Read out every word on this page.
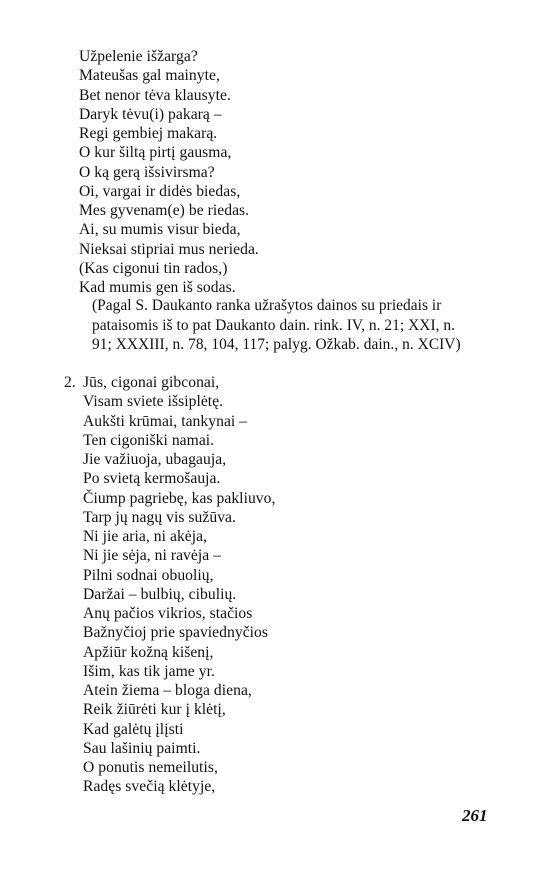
Užpelenie išžarga?
Mateušas gal mainyte,
Bet nenor tėva klausyte.
Daryk tėvu(i) pakarą –
Regi gembiej makarą.
O kur šiltą pirtį gausma,
O ką gerą išsivirsma?
Oi, vargai ir didės biedas,
Mes gyvenam(e) be riedas.
Ai, su mumis visur bieda,
Nieksai stipriai mus nerieda.
(Kas cigonui tin rados,)
Kad mumis gen iš sodas.
(Pagal S. Daukanto ranka užrašytos dainos su priedais ir
pataisomis iš to pat Daukanto dain. rink. IV, n. 21; XXI, n.
91; XXXIII, n. 78, 104, 117; palyg. Ožkab. dain., n. XCIV)
2. Jūs, cigonai gibconai,
Visam sviete išsiplėtę.
Aukšti krūmai, tankynai –
Ten cigoniški namai.
Jie važiuoja, ubagauja,
Po svietą kermošauja.
Čiump pagriebę, kas pakliuvo,
Tarp jų nagų vis sužūva.
Ni jie aria, ni akėja,
Ni jie sėja, ni ravėja –
Pilni sodnai obuolių,
Daržai – bulbių, cibulių.
Anų pačios vikrios, stačios
Bažnyčioj prie spaviednyčios
Apžiūr kožną kišenį,
Išim, kas tik jame yr.
Atein žiema – bloga diena,
Reik žiūrėti kur į klėtį,
Kad galėtų įlįsti
Sau lašinių paimti.
O ponutis nemeilutis,
Radęs svečią klėtyje,
261
